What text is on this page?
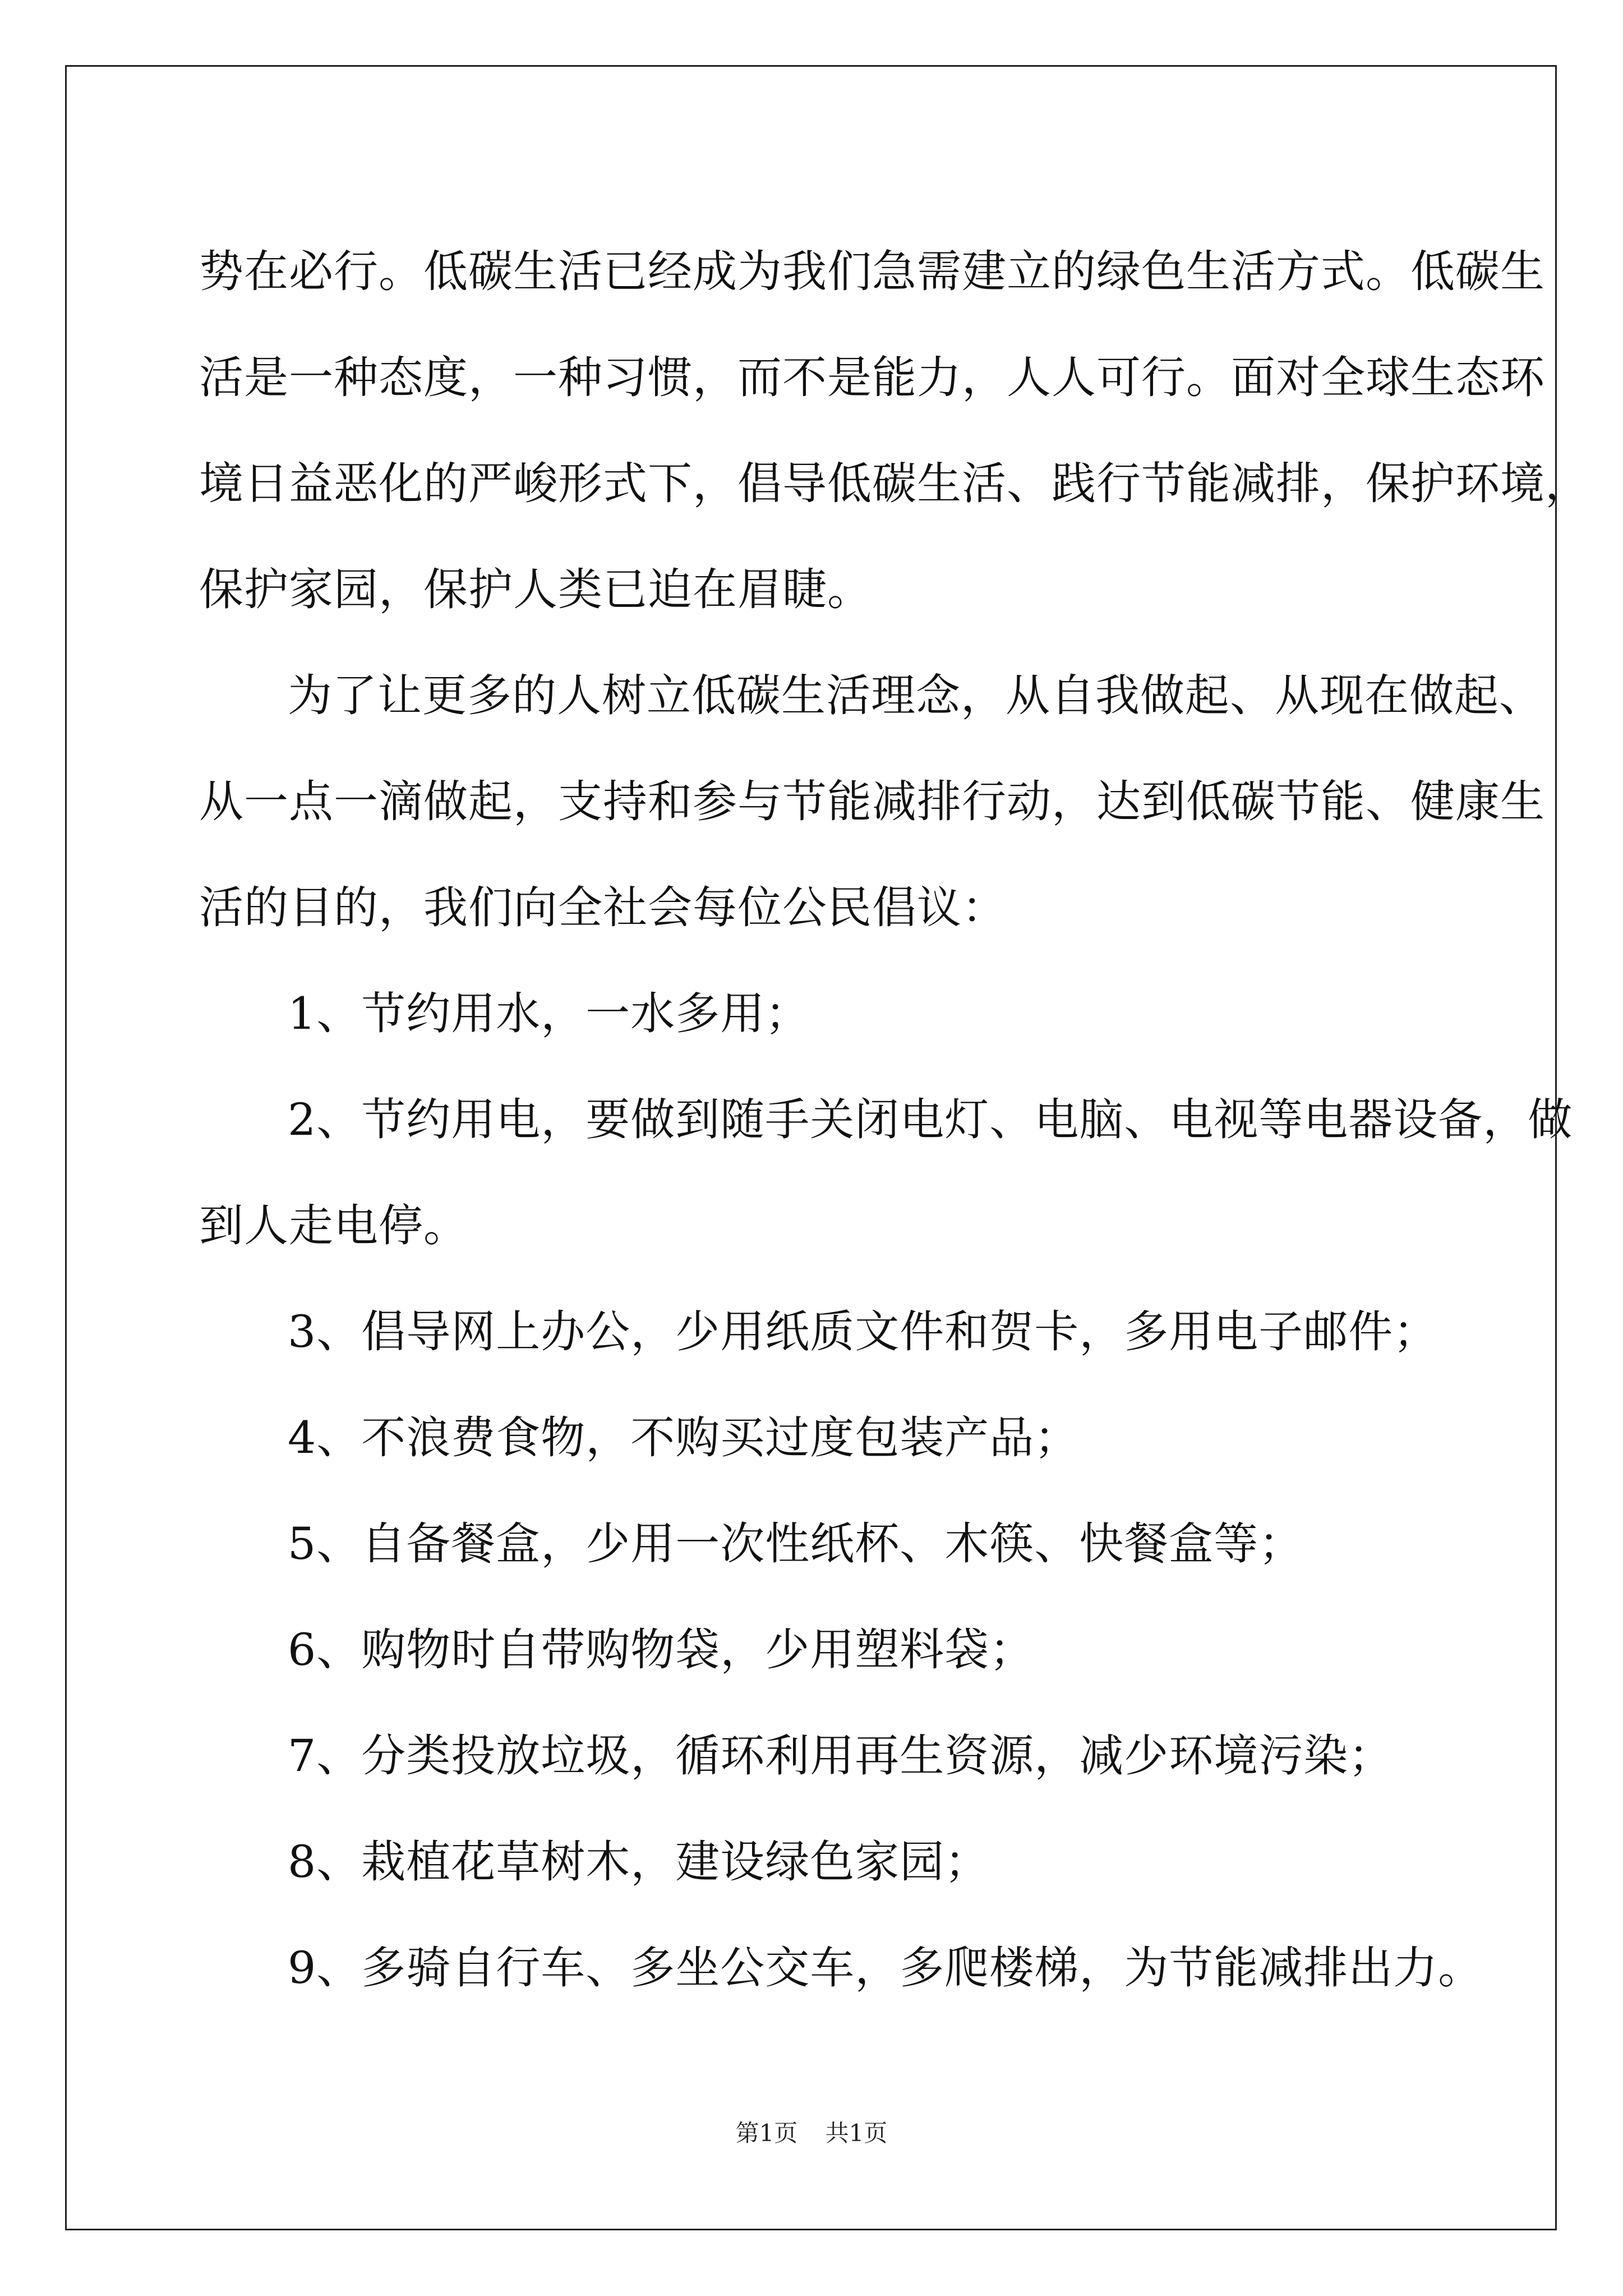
势在必行。低碳生活已经成为我们急需建立的绿色生活方式。低碳生
活是一种态度，一种习惯，而不是能力，人人可行。面对全球生态环
境日益恶化的严峻形式下，倡导低碳生活、践行节能减排，保护环境，
保护家园，保护人类已迫在眉睫。
为了让更多的人树立低碳生活理念，从自我做起、从现在做起、
从一点一滴做起，支持和参与节能减排行动，达到低碳节能、健康生
活的目的，我们向全社会每位公民倡议：
1、节约用水，一水多用；
2、节约用电，要做到随手关闭电灯、电脑、电视等电器设备，做
到人走电停。
3、倡导网上办公，少用纸质文件和贺卡，多用电子邮件；
4、不浪费食物，不购买过度包装产品；
5、自备餐盒，少用一次性纸杯、木筷、快餐盒等；
6、购物时自带购物袋，少用塑料袋；
7、分类投放垃圾，循环利用再生资源，减少环境污染；
8、栽植花草树木，建设绿色家园；
9、多骑自行车、多坐公交车，多爬楼梯，为节能减排出力。
第1页 共1页
